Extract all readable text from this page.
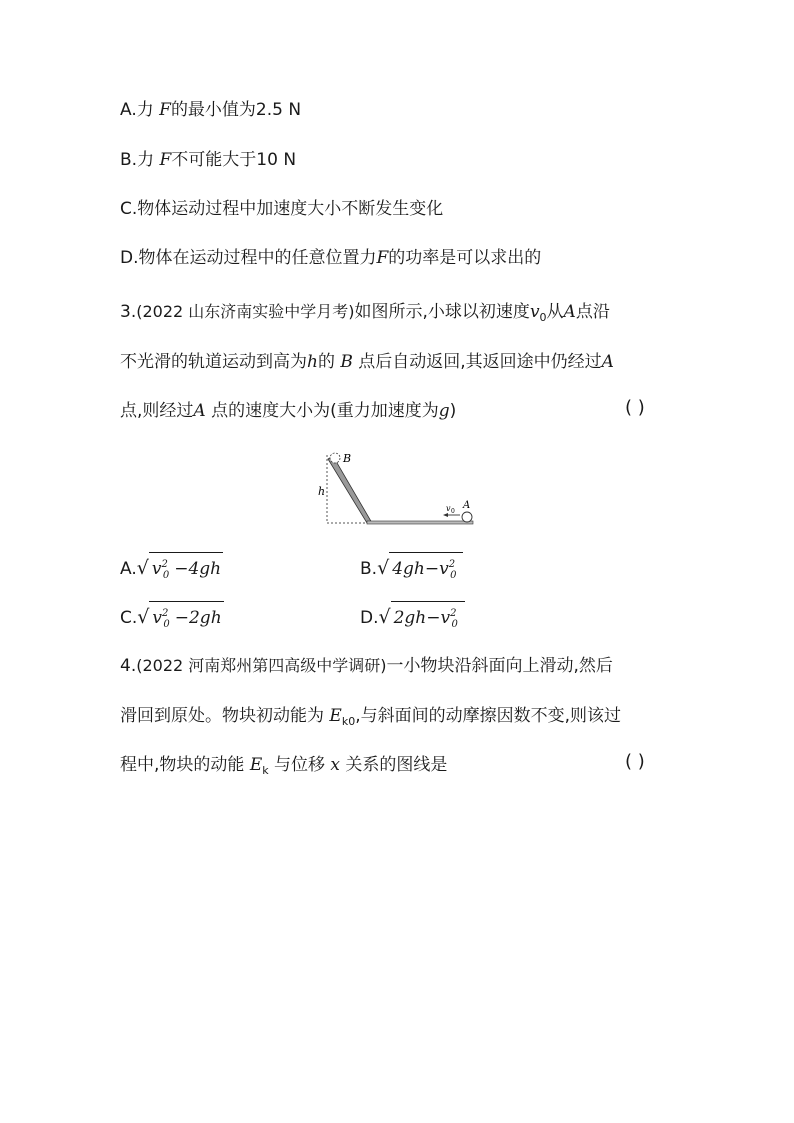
A.力 F的最小值为2.5 N
B.力 F不可能大于10 N
C.物体运动过程中加速度大小不断发生变化
D.物体在运动过程中的任意位置力F的功率是可以求出的
3.(2022 山东济南实验中学月考)如图所示,小球以初速度$v_0$从A点沿
不光滑的轨道运动到高为h的 B 点后自动返回,其返回途中仍经过A
点,则经过A 点的速度大小为(重力加速度为g)	( )
B
h
A
v 0
A.√ $v^2_0 -4gh$	B.√ $4gh-v^2_0$
C.√ $v^2_0 -2gh$	D.√ $2gh-v^2_0$
4.(2022 河南郑州第四高级中学调研)一小物块沿斜面向上滑动,然后
滑回到原处。物块初动能为 $E_{k0}$,与斜面间的动摩擦因数不变,则该过
程中,物块的动能 $E_k$ 与位移 x 关系的图线是	( )
